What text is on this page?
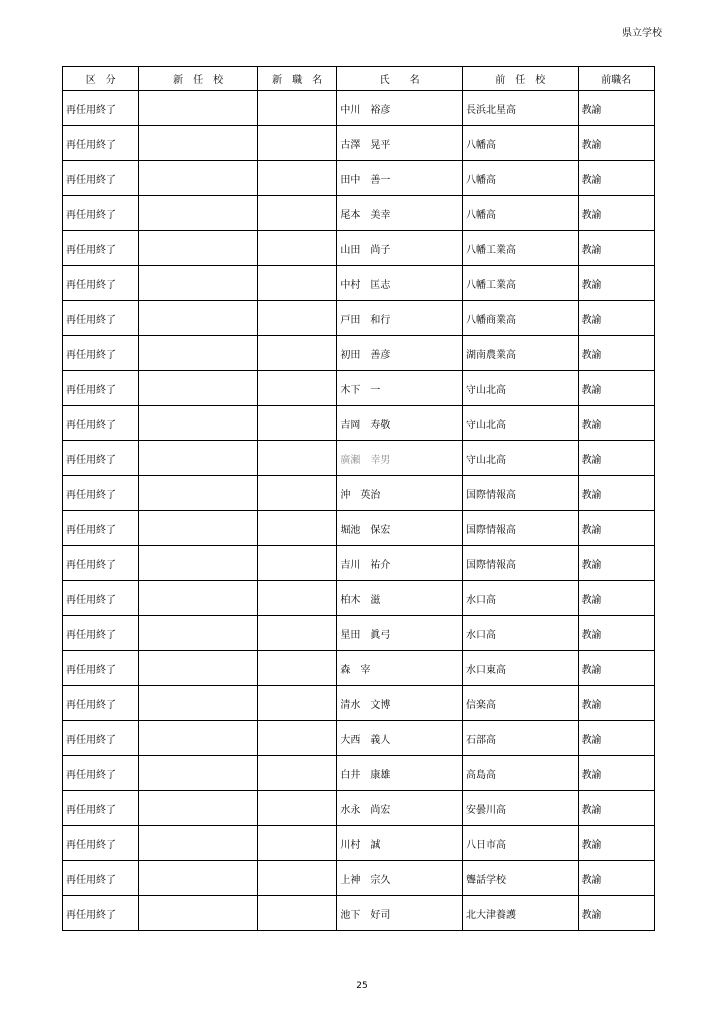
県立学校
区　分	新　任　校	新　職　名	氏　　名	前　任　校	前職名
再任用終了			中川　裕彦	長浜北星高	教諭
再任用終了			古澤　晃平	八幡高	教諭
再任用終了			田中　善一	八幡高	教諭
再任用終了			尾本　美幸	八幡高	教諭
再任用終了			山田　尚子	八幡工業高	教諭
再任用終了			中村　匡志	八幡工業高	教諭
再任用終了			戸田　和行	八幡商業高	教諭
再任用終了			初田　善彦	湖南農業高	教諭
再任用終了			木下　一	守山北高	教諭
再任用終了			吉岡　寿敬	守山北高	教諭
再任用終了			廣瀬　幸男	守山北高	教諭
再任用終了			沖　英治	国際情報高	教諭
再任用終了			堀池　保宏	国際情報高	教諭
再任用終了			吉川　祐介	国際情報高	教諭
再任用終了			柏木　滋	水口高	教諭
再任用終了			星田　眞弓	水口高	教諭
再任用終了			森　宰	水口東高	教諭
再任用終了			清水　文博	信楽高	教諭
再任用終了			大西　義人	石部高	教諭
再任用終了			白井　康雄	高島高	教諭
再任用終了			水永　尚宏	安曇川高	教諭
再任用終了			川村　誠	八日市高	教諭
再任用終了			上神　宗久	聾話学校	教諭
再任用終了			池下　好司	北大津養護	教諭
25
